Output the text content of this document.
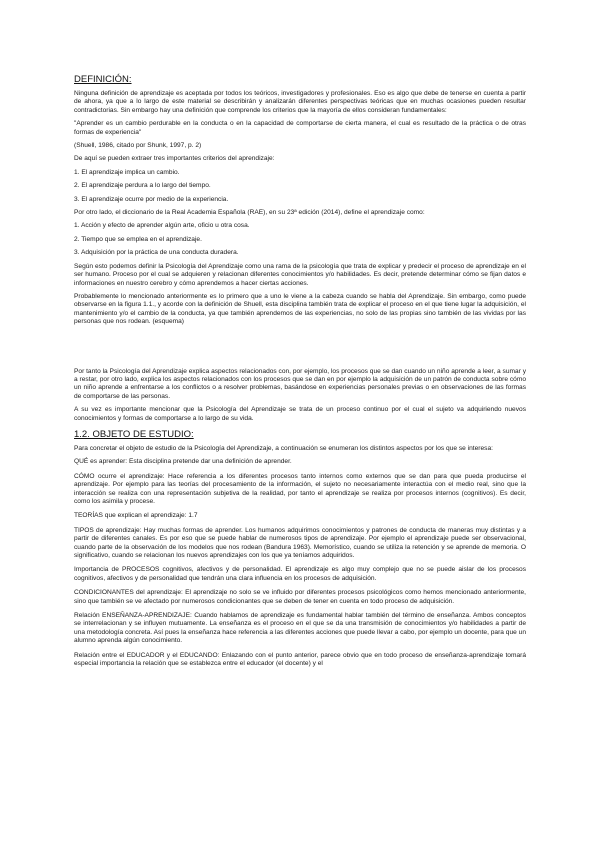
DEFINICIÓN:

Ninguna definición de aprendizaje es aceptada por todos los teóricos, investigadores y profesionales. Eso es algo que debe de tenerse en cuenta a partir de ahora, ya que a lo largo de este material se describirán y analizarán diferentes perspectivas teóricas que en muchas ocasiones pueden resultar contradictorias. Sin embargo hay una definición que comprende los criterios que la mayoría de ellos consideran fundamentales:

"Aprender es un cambio perdurable en la conducta o en la capacidad de comportarse de cierta manera, el cual es resultado de la práctica o de otras formas de experiencia"

(Shuell, 1986, citado por Shunk, 1997, p. 2)

De aquí se pueden extraer tres importantes criterios del aprendizaje:

1. El aprendizaje implica un cambio.

2. El aprendizaje perdura a lo largo del tiempo.

3. El aprendizaje ocurre por medio de la experiencia.

Por otro lado, el diccionario de la Real Academia Española (RAE), en su 23ª edición (2014), define el aprendizaje como:

1. Acción y efecto de aprender algún arte, oficio u otra cosa.

2. Tiempo que se emplea en el aprendizaje.

3. Adquisición por la práctica de una conducta duradera.

Según esto podemos definir la Psicología del Aprendizaje como una rama de la psicología que trata de explicar y predecir el proceso de aprendizaje en el ser humano. Proceso por el cual se adquieren y relacionan diferentes conocimientos y/o habilidades. Es decir, pretende determinar cómo se fijan datos e informaciones en nuestro cerebro y cómo aprendemos a hacer ciertas acciones.

Probablemente lo mencionado anteriormente es lo primero que a uno le viene a la cabeza cuando se habla del Aprendizaje. Sin embargo, como puede observarse en la figura 1.1., y acorde con la definición de Shuell, esta disciplina también trata de explicar el proceso en el que tiene lugar la adquisición, el mantenimiento y/o el cambio de la conducta, ya que también aprendemos de las experiencias, no solo de las propias sino también de las vividas por las personas que nos rodean. (esquema)

Por tanto la Psicología del Aprendizaje explica aspectos relacionados con, por ejemplo, los procesos que se dan cuando un niño aprende a leer, a sumar y a restar, por otro lado, explica los aspectos relacionados con los procesos que se dan en por ejemplo la adquisición de un patrón de conducta sobre cómo un niño aprende a enfrentarse a los conflictos o a resolver problemas, basándose en experiencias personales previas o en observaciones de las formas de comportarse de las personas.

A su vez es importante mencionar que la Psicología del Aprendizaje se trata de un proceso continuo por el cual el sujeto va adquiriendo nuevos conocimientos y formas de comportarse a lo largo de su vida.

1.2. OBJETO DE ESTUDIO:

Para concretar el objeto de estudio de la Psicología del Aprendizaje, a continuación se enumeran los distintos aspectos por los que se interesa:

QUÉ es aprender: Esta disciplina pretende dar una definición de aprender.

CÓMO ocurre el aprendizaje: Hace referencia a los diferentes procesos tanto internos como externos que se dan para que pueda producirse el aprendizaje. Por ejemplo para las teorías del procesamiento de la información, el sujeto no necesariamente interactúa con el medio real, sino que la interacción se realiza con una representación subjetiva de la realidad, por tanto el aprendizaje se realiza por procesos internos (cognitivos). Es decir, como los asimila y procese.

TEORÍAS que explican el aprendizaje: 1.7

TIPOS de aprendizaje: Hay muchas formas de aprender. Los humanos adquirimos conocimientos y patrones de conducta de maneras muy distintas y a partir de diferentes canales. Es por eso que se puede hablar de numerosos tipos de aprendizaje. Por ejemplo el aprendizaje puede ser observacional, cuando parte de la observación de los modelos que nos rodean (Bandura 1963). Memorístico, cuando se utiliza la retención y se aprende de memoria. O significativo, cuando se relacionan los nuevos aprendizajes con los que ya teníamos adquiridos.

Importancia de PROCESOS cognitivos, afectivos y de personalidad. El aprendizaje es algo muy complejo que no se puede aislar de los procesos cognitivos, afectivos y de personalidad que tendrán una clara influencia en los procesos de adquisición.

CONDICIONANTES del aprendizaje: El aprendizaje no solo se ve influido por diferentes procesos psicológicos como hemos mencionado anteriormente, sino que también se ve afectado por numerosos condicionantes que se deben de tener en cuenta en todo proceso de adquisición.

Relación ENSEÑANZA-APRENDIZAJE: Cuando hablamos de aprendizaje es fundamental hablar también del término de enseñanza. Ambos conceptos se interrelacionan y se influyen mutuamente. La enseñanza es el proceso en el que se da una transmisión de conocimientos y/o habilidades a partir de una metodología concreta. Así pues la enseñanza hace referencia a las diferentes acciones que puede llevar a cabo, por ejemplo un docente, para que un alumno aprenda algún conocimiento.

Relación entre el EDUCADOR y el EDUCANDO: Enlazando con el punto anterior, parece obvio que en todo proceso de enseñanza-aprendizaje tomará especial importancia la relación que se establezca entre el educador (el docente) y el
